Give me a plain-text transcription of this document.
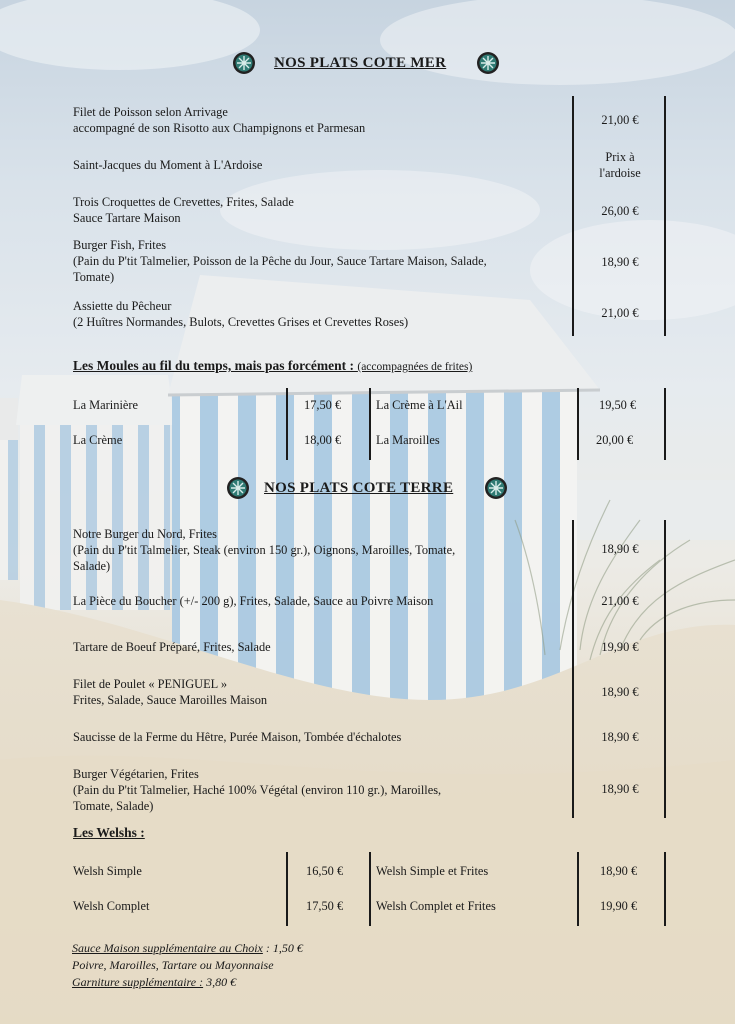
NOS PLATS COTE MER
Filet de Poisson selon Arrivage
accompagné de son Risotto aux Champignons et Parmesan
21,00 €
Saint-Jacques du Moment à L'Ardoise
Prix à
l'ardoise
Trois Croquettes de Crevettes, Frites, Salade
Sauce Tartare Maison	26,00 €
Burger Fish, Frites
(Pain du P'tit Talmelier, Poisson de la Pêche du Jour, Sauce Tartare Maison, Salade,
Tomate)
18,90 €
Assiette du Pêcheur
(2 Huîtres Normandes, Bulots, Crevettes Grises et Crevettes Roses)
21,00 €
Les Moules au fil du temps, mais pas forcément : (accompagnées de frites)
La Marinière	17,50 €	La Crème à L'Ail	19,50 €
La Crème	18,00 €	La Maroilles	20,00 €
NOS PLATS COTE TERRE
Notre Burger du Nord, Frites
(Pain du P'tit Talmelier, Steak (environ 150 gr.), Oignons, Maroilles, Tomate,
Salade)
18,90 €
La Pièce du Boucher (+/- 200 g), Frites, Salade, Sauce au Poivre Maison	21,00 €
Tartare de Boeuf Préparé, Frites, Salade	19,90 €
Filet de Poulet « PENIGUEL »
Frites, Salade, Sauce Maroilles Maison
18,90 €
Saucisse de la Ferme du Hêtre, Purée Maison, Tombée d'échalotes	18,90 €
Burger Végétarien, Frites
(Pain du P'tit Talmelier, Haché 100% Végétal (environ 110 gr.), Maroilles,
Tomate, Salade)
18,90 €
Les Welshs :
Welsh Simple	16,50 €	Welsh Simple et Frites	18,90 €
Welsh Complet	17,50 €	Welsh Complet et Frites	19,90 €
Sauce Maison supplémentaire au Choix : 1,50 €
Poivre, Maroilles, Tartare ou Mayonnaise
Garniture supplémentaire : 3,80 €
